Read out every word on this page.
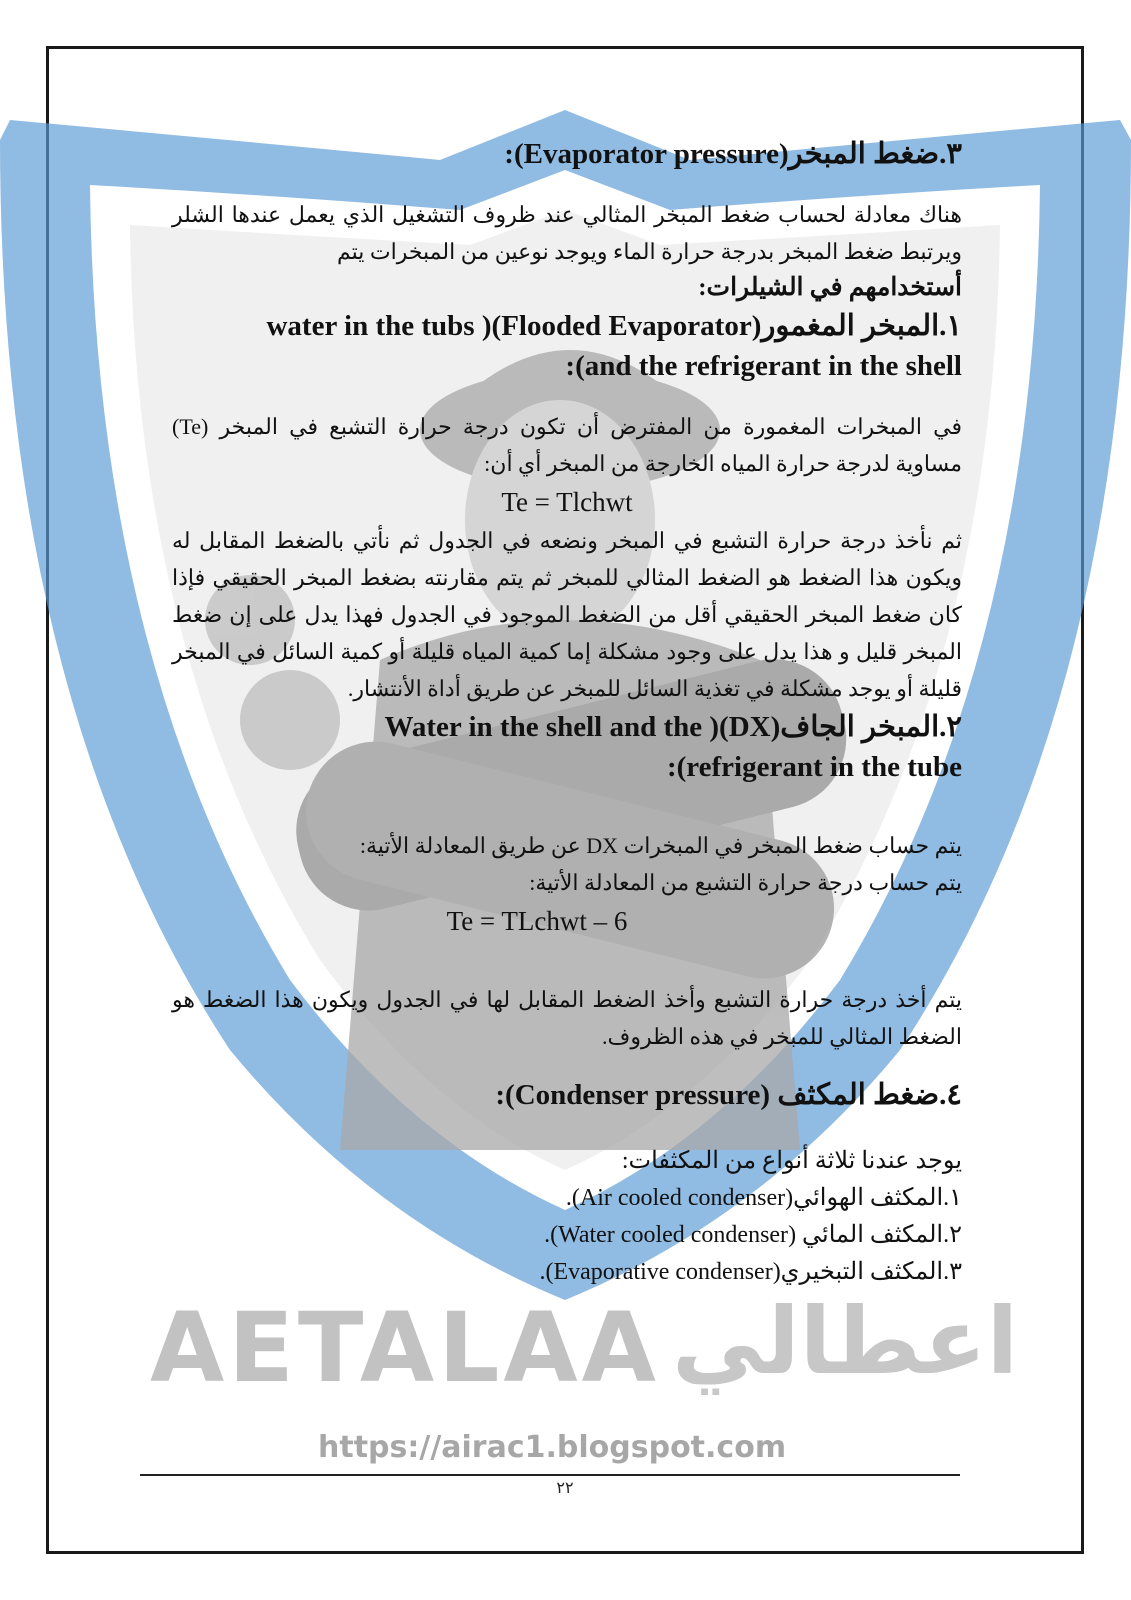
AETALAA اعطالي
https://airac1.blogspot.com

٣.ضغط المبخر(Evaporator pressure):

هناك معادلة لحساب ضغط المبخر المثالي عند ظروف التشغيل الذي يعمل عندها الشلر ويرتبط ضغط المبخر بدرجة حرارة الماء ويوجد نوعين من المبخرات يتم

أستخدامهم في الشيلرات:

١.المبخر المغمور(Flooded Evaporator)( water in the tubs

and the refrigerant in the shell):

في المبخرات المغمورة من المفترض أن تكون درجة حرارة التشبع في المبخر (Te) مساوية لدرجة حرارة المياه الخارجة من المبخر أي أن:

Te = Tlchwt

ثم نأخذ درجة حرارة التشبع في المبخر ونضعه في الجدول ثم نأتي بالضغط المقابل له ويكون هذا الضغط هو الضغط المثالي للمبخر ثم يتم مقارنته بضغط المبخر الحقيقي فإذا كان ضغط المبخر الحقيقي أقل من الضغط الموجود في الجدول فهذا يدل على إن ضغط المبخر قليل و هذا يدل على وجود مشكلة إما كمية المياه قليلة أو كمية السائل في المبخر قليلة أو يوجد مشكلة في تغذية السائل للمبخر عن طريق أداة الأنتشار.

٢.المبخر الجاف(DX)( Water in the shell and the

refrigerant in the tube):

يتم حساب ضغط المبخر في المبخرات DX عن طريق المعادلة الأتية:

يتم حساب درجة حرارة التشبع من المعادلة الأتية:

Te = TLchwt – 6

يتم أخذ درجة حرارة التشبع وأخذ الضغط المقابل لها في الجدول ويكون هذا الضغط هو الضغط المثالي للمبخر في هذه الظروف.

٤.ضغط المكثف (Condenser pressure):

يوجد عندنا ثلاثة أنواع من المكثفات:

١.المكثف الهوائي(Air cooled condenser).

٢.المكثف المائي (Water cooled condenser).

٣.المكثف التبخيري(Evaporative condenser).

٢٢
